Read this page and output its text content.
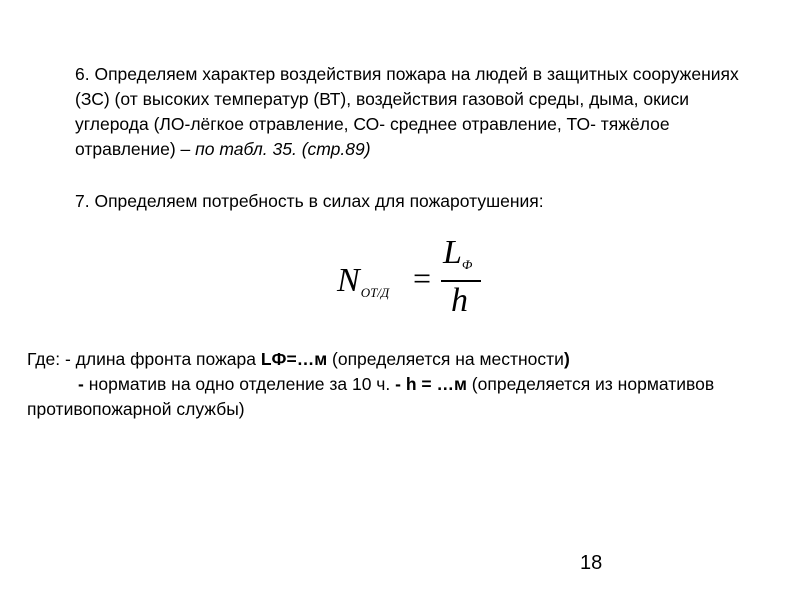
6. Определяем характер воздействия пожара на людей в защитных сооружениях (ЗС) (от высоких температур (ВТ), воздействия газовой среды, дыма, окиси углерода (ЛО-лёгкое отравление, СО- среднее отравление, ТО- тяжёлое отравление) – по табл. 35. (стр.89)
7. Определяем потребность в силах для пожаротушения:
$N_{ОТ/Д}$ =
$L_Ф$
h
Где: - длина фронта пожара LФ=…м (определяется на местности)
- норматив на одно отделение за 10 ч. - h = …м (определяется из нормативов противопожарной службы)
18
